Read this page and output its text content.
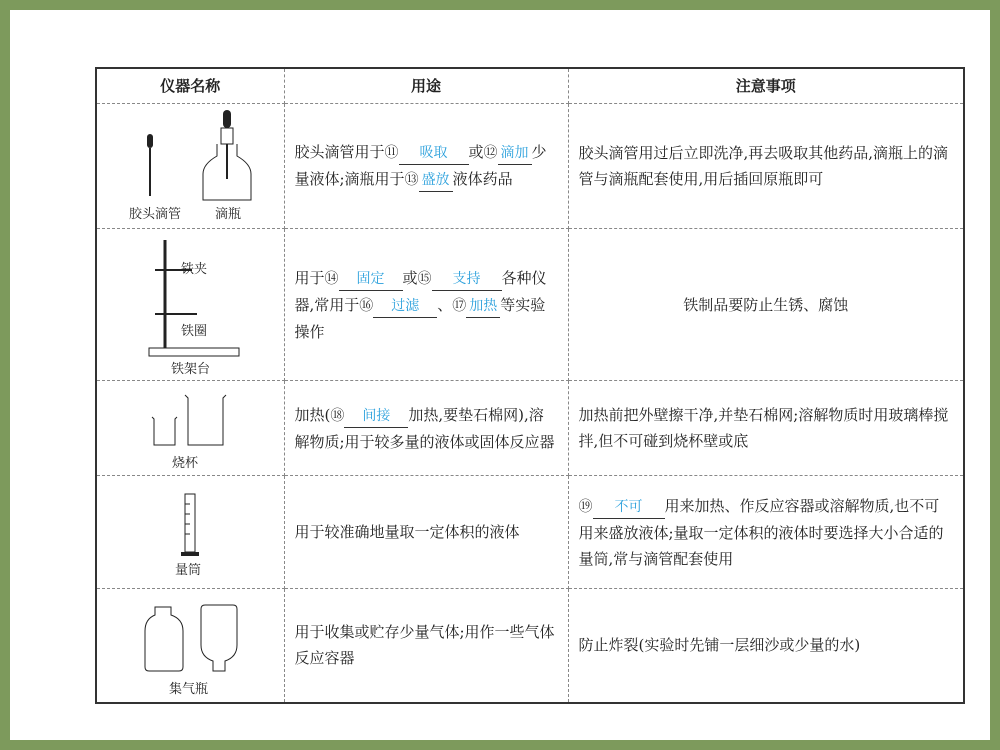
仪器名称	用途	注意事项

胶头滴管 滴瓶	胶头滴管用于⑪ 吸取 或⑫ 滴加 少量液体;滴瓶用于⑬ 盛放 液体药品	胶头滴管用过后立即洗净,再去吸取其他药品,滴瓶上的滴管与滴瓶配套使用,用后插回原瓶即可

铁夹
铁圈
铁架台	用于⑭ 固定 或⑮ 支持 各种仪器,常用于⑯ 过滤 、⑰ 加热 等实验操作	铁制品要防止生锈、腐蚀

烧杯	加热(⑱ 间接 加热,要垫石棉网),溶解物质;用于较多量的液体或固体反应器	加热前把外壁擦干净,并垫石棉网;溶解物质时用玻璃棒搅拌,但不可碰到烧杯壁或底

量筒	用于较准确地量取一定体积的液体	⑲ 不可 用来加热、作反应容器或溶解物质,也不可用来盛放液体;量取一定体积的液体时要选择大小合适的量筒,常与滴管配套使用

集气瓶	用于收集或贮存少量气体;用作一些气体反应容器	防止炸裂(实验时先铺一层细沙或少量的水)
